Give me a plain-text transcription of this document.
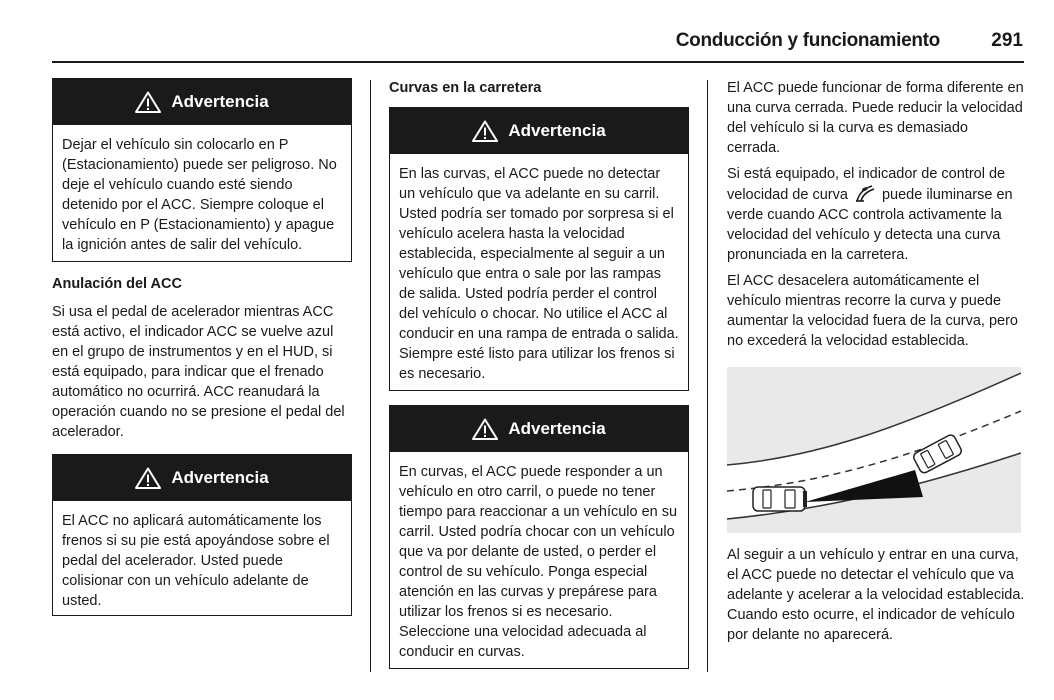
Conducción y funcionamiento	291
Advertencia
Dejar el vehículo sin colocarlo en P (Estacionamiento) puede ser peligroso. No deje el vehículo cuando esté siendo detenido por el ACC. Siempre coloque el vehículo en P (Estacionamiento) y apague la ignición antes de salir del vehículo.
Anulación del ACC

Si usa el pedal de acelerador mientras ACC está activo, el indicador ACC se vuelve azul en el grupo de instrumentos y en el HUD, si está equipado, para indicar que el frenado automático no ocurrirá. ACC reanudará la operación cuando no se presione el pedal del acelerador.

Advertencia
El ACC no aplicará automáticamente los frenos si su pie está apoyándose sobre el pedal del acelerador. Usted puede colisionar con un vehículo adelante de usted.
Curvas en la carretera
Advertencia
En las curvas, el ACC puede no detectar un vehículo que va adelante en su carril. Usted podría ser tomado por sorpresa si el vehículo acelera hasta la velocidad establecida, especialmente al seguir a un vehículo que entra o sale por las rampas de salida. Usted podría perder el control del vehículo o chocar. No utilice el ACC al conducir en una rampa de entrada o salida. Siempre esté listo para utilizar los frenos si es necesario.
Advertencia
En curvas, el ACC puede responder a un vehículo en otro carril, o puede no tener tiempo para reaccionar a un vehículo en su carril. Usted podría chocar con un vehículo que va por delante de usted, o perder el control de su vehículo. Ponga especial atención en las curvas y prepárese para utilizar los frenos si es necesario. Seleccione una velocidad adecuada al conducir en curvas.

El ACC puede funcionar de forma diferente en una curva cerrada. Puede reducir la velocidad del vehículo si la curva es demasiado cerrada.

Si está equipado, el indicador de control de velocidad de curva puede iluminarse en verde cuando ACC controla activamente la velocidad del vehículo y detecta una curva pronunciada en la carretera.

El ACC desacelera automáticamente el vehículo mientras recorre la curva y puede aumentar la velocidad fuera de la curva, pero no excederá la velocidad establecida.

Al seguir a un vehículo y entrar en una curva, el ACC puede no detectar el vehículo que va adelante y acelerar a la velocidad establecida. Cuando esto ocurre, el indicador de vehículo por delante no aparecerá.
